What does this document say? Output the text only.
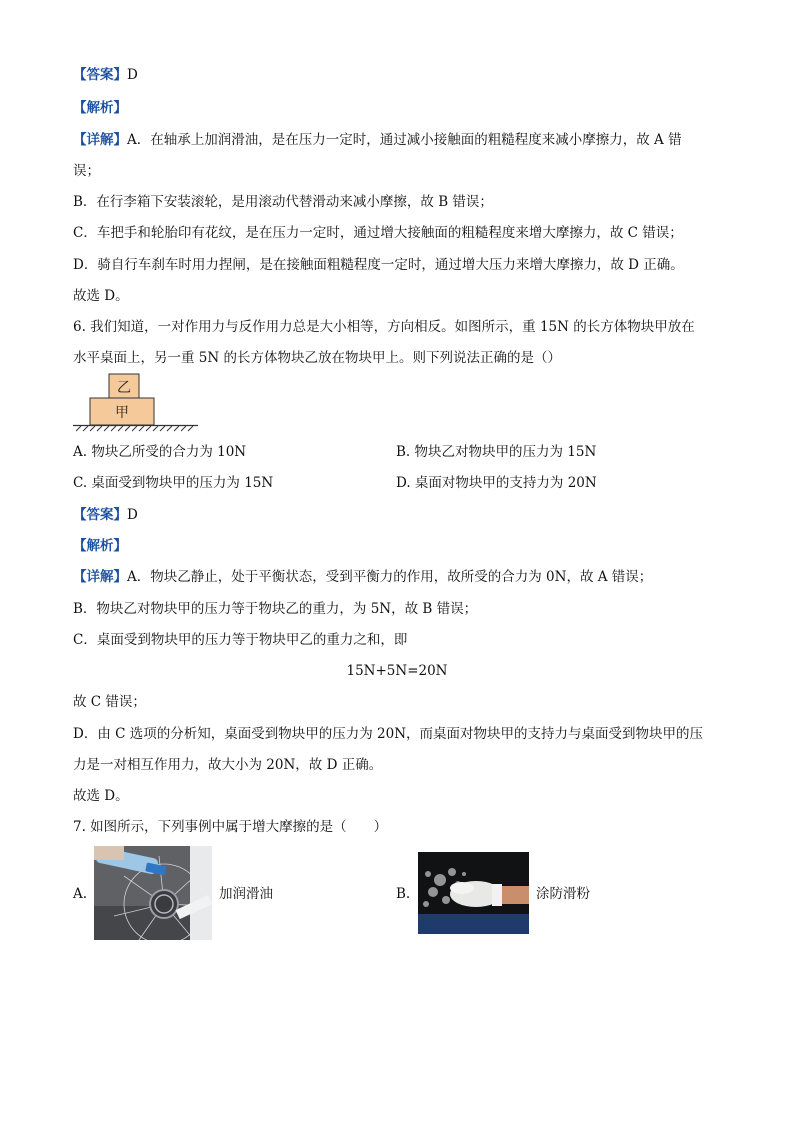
【答案】D
【解析】
【详解】A．在轴承上加润滑油，是在压力一定时，通过减小接触面的粗糙程度来减小摩擦力，故 A 错
误；
B．在行李箱下安装滚轮，是用滚动代替滑动来减小摩擦，故 B 错误；
C．车把手和轮胎印有花纹，是在压力一定时，通过增大接触面的粗糙程度来增大摩擦力，故 C 错误；
D．骑自行车刹车时用力捏闸，是在接触面粗糙程度一定时，通过增大压力来增大摩擦力，故 D 正确。
故选 D。
6. 我们知道，一对作用力与反作用力总是大小相等，方向相反。如图所示，重 15N 的长方体物块甲放在
水平桌面上，另一重 5N 的长方体物块乙放在物块甲上。则下列说法正确的是（）
乙
甲
A. 物块乙所受的合力为 10N	B. 物块乙对物块甲的压力为 15N
C. 桌面受到物块甲的压力为 15N	D. 桌面对物块甲的支持力为 20N
【答案】D
【解析】
【详解】A．物块乙静止，处于平衡状态，受到平衡力的作用，故所受的合力为 0N，故 A 错误；
B．物块乙对物块甲的压力等于物块乙的重力，为 5N，故 B 错误；
C．桌面受到物块甲的压力等于物块甲乙的重力之和，即
15N+5N=20N
故 C 错误；
D．由 C 选项的分析知，桌面受到物块甲的压力为 20N，而桌面对物块甲的支持力与桌面受到物块甲的压
力是一对相互作用力，故大小为 20N，故 D 正确。
故选 D。
7. 如图所示，下列事例中属于增大摩擦的是（　　）
A.	加润滑油	B.	涂防滑粉
